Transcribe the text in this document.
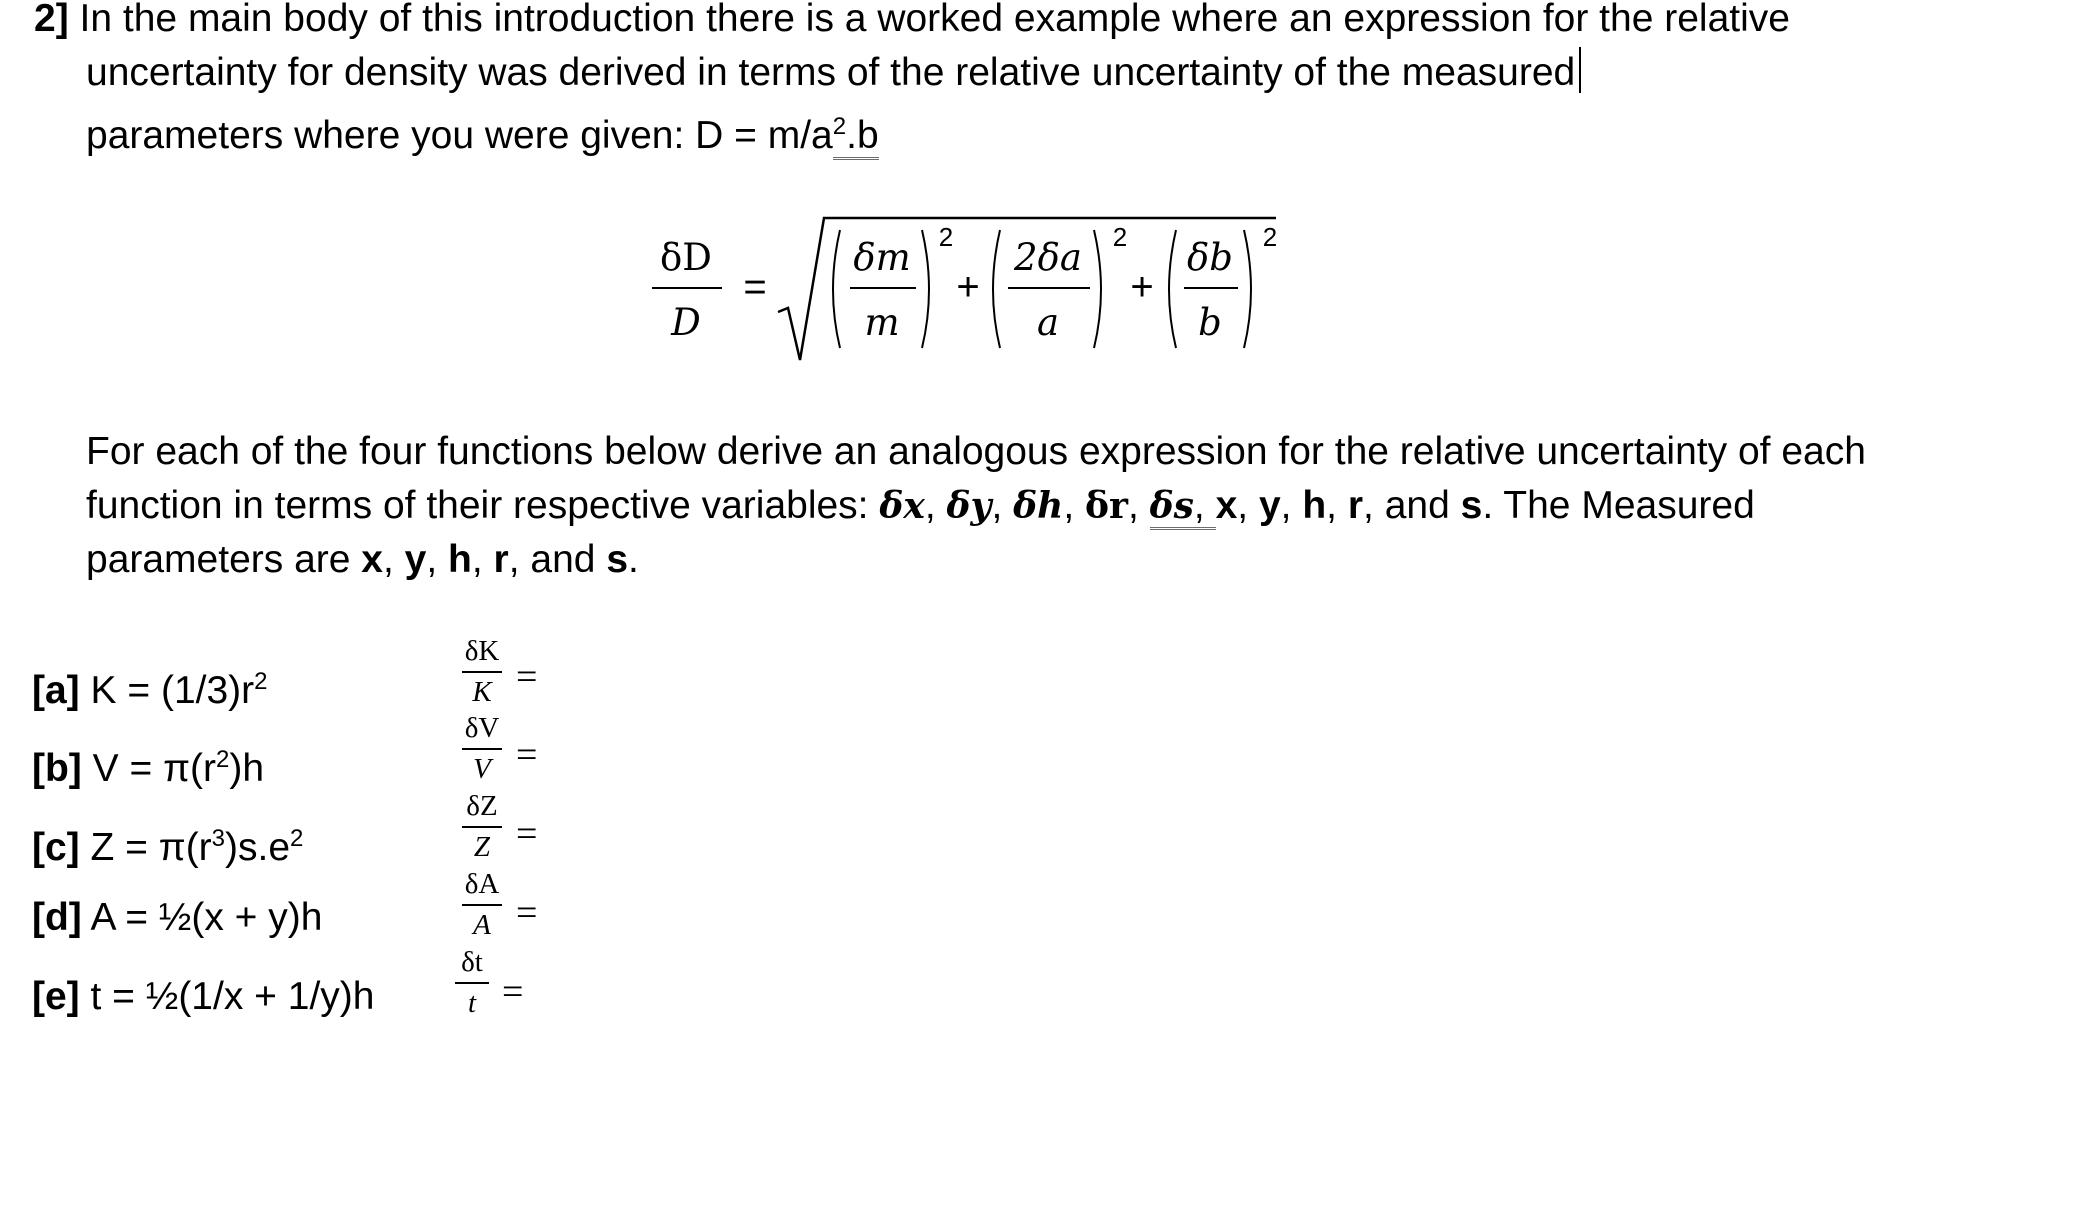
2] In the main body of this introduction there is a worked example where an expression for the relative
uncertainty for density was derived in terms of the relative uncertainty of the measured
parameters where you were given: $D = m/a^2.b$
δD
D
=
δm
m
2
+
2δa
a
2
+
δb
b
2
For each of the four functions below derive an analogous expression for the relative uncertainty of each
function in terms of their respective variables: δx, δy, δh, δr, δs, x, y, h, r, and s. The Measured
parameters are x, y, h, r, and s.
[a] $K = (1/3)r^2$
[b] $V = \pi(r^2)h$
[c] $Z = \pi(r^3)s.e^2$
[d] A = ½(x + y)h
[e] t = ½(1/x + 1/y)h
δK
K =
δV
V =
δZ
Z =
δA
A =
δt
t =
